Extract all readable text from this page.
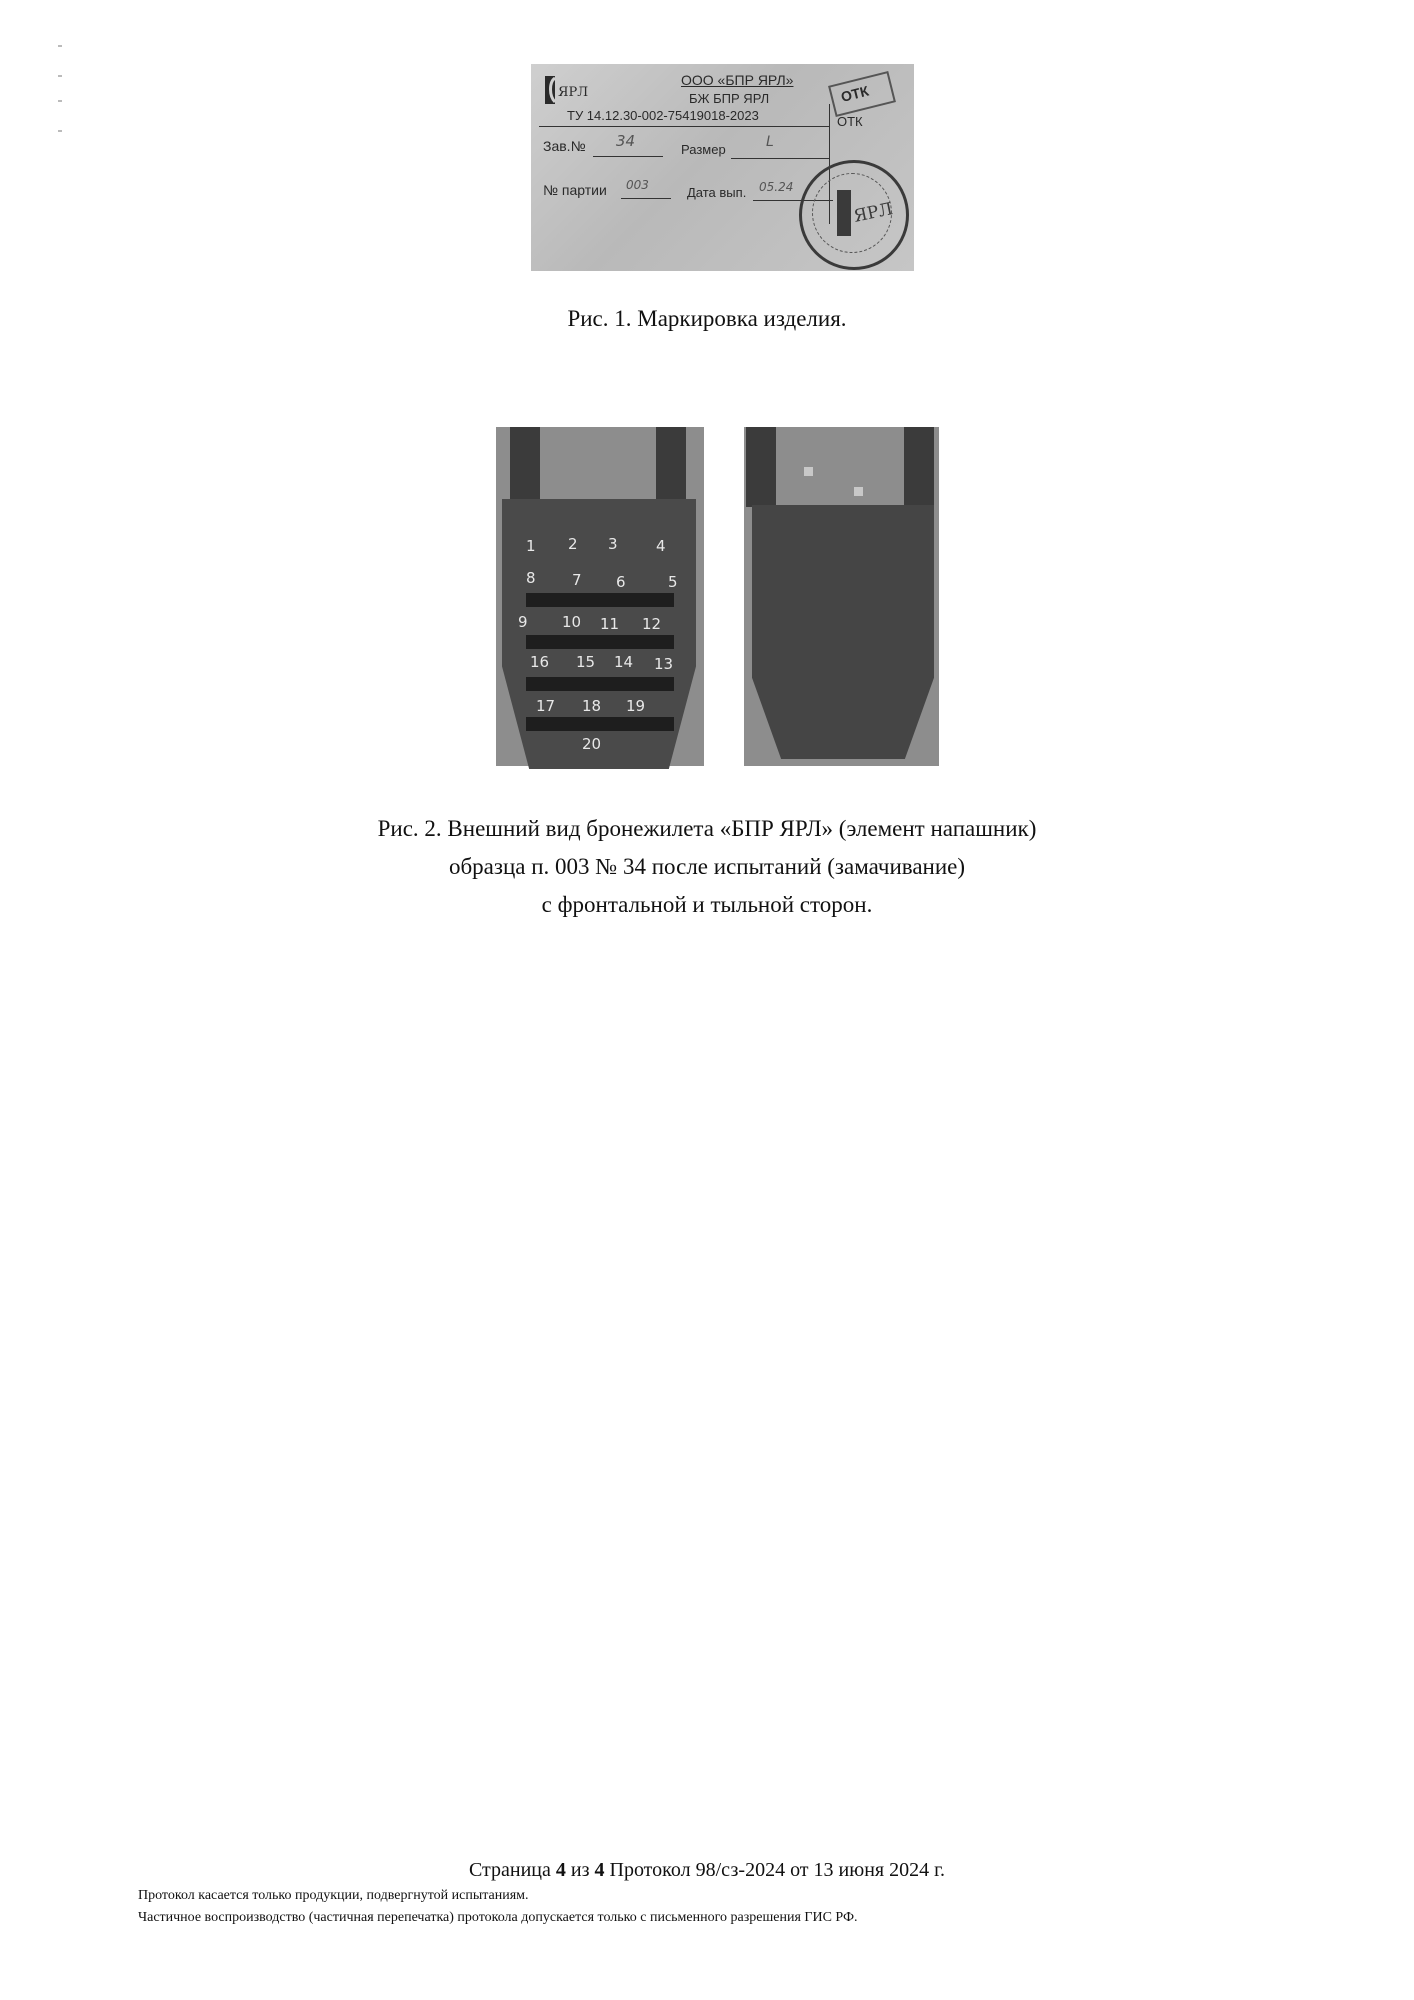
ЯРЛ
ООО «БПР ЯРЛ»
БЖ БПР ЯРЛ
ТУ 14.12.30-002-75419018-2023
Зав.№ 34	Размер	L
№ партии 003	Дата вып. 05.24
ОТК
ОТК
ЯРЛ
Рис. 1. Маркировка изделия.
1 2 3	4
5
6
7
8
9 10 11 12
13
14
15
16
17 18 19
20
Рис. 2. Внешний вид бронежилета «БПР ЯРЛ» (элемент напашник)
образца п. 003 № 34 после испытаний (замачивание)
с фронтальной и тыльной сторон.
Страница 4 из 4 Протокол 98/сз-2024 от 13 июня 2024 г.
Протокол касается только продукции, подвергнутой испытаниям.
Частичное воспроизводство (частичная перепечатка) протокола допускается только с письменного разрешения ГИС РФ.
